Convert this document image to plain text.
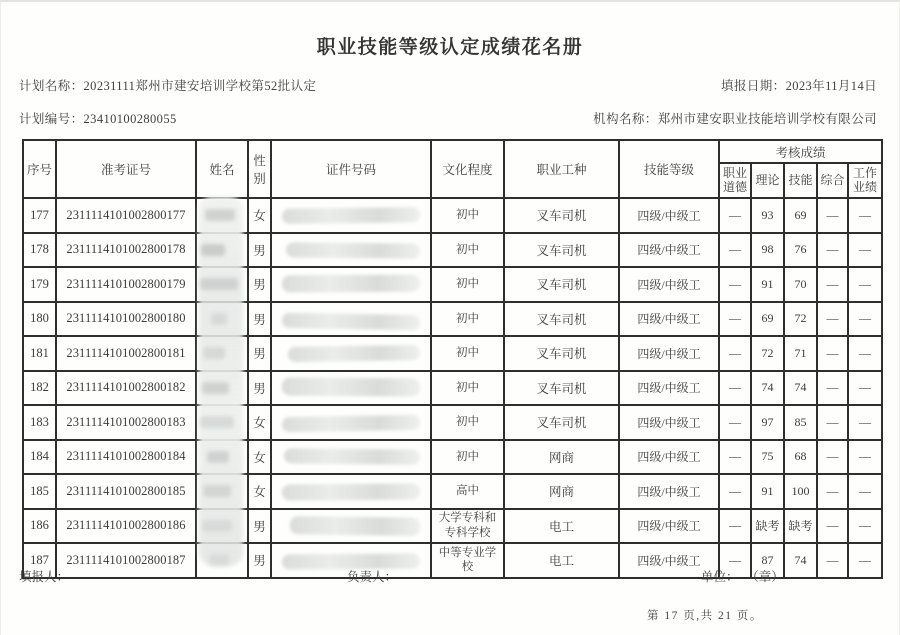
职业技能等级认定成绩花名册
计划名称：20231111郑州市建安培训学校第52批认定	填报日期：2023年11月14日
计划编号：23410100280055	机构名称：郑州市建安职业技能培训学校有限公司
序号	准考证号	姓名	性别	证件号码	文化程度	职业工种	技能等级	考核成绩				
								职业道德	理论	技能	综合	工作业绩
177	2311114101002800177		女		初中	叉车司机	四级/中级工	—	93	69	—	—
178	2311114101002800178		男		初中	叉车司机	四级/中级工	—	98	76	—	—
179	2311114101002800179		男		初中	叉车司机	四级/中级工	—	91	70	—	—
180	2311114101002800180		男		初中	叉车司机	四级/中级工	—	69	72	—	—
181	2311114101002800181		男		初中	叉车司机	四级/中级工	—	72	71	—	—
182	2311114101002800182		男		初中	叉车司机	四级/中级工	—	74	74	—	—
183	2311114101002800183		女		初中	叉车司机	四级/中级工	—	97	85	—	—
184	2311114101002800184		女		初中	网商	四级/中级工	—	75	68	—	—
185	2311114101002800185		女		高中	网商	四级/中级工	—	91	100	—	—
186	2311114101002800186		男		大学专科和专科学校	电工	四级/中级工	—	缺考	缺考	—	—
187	2311114101002800187		男		中等专业学校	电工	四级/中级工	—	87	74	—	—
填报人：	负责人：	单位： （章）
第 17 页,共 21 页。
